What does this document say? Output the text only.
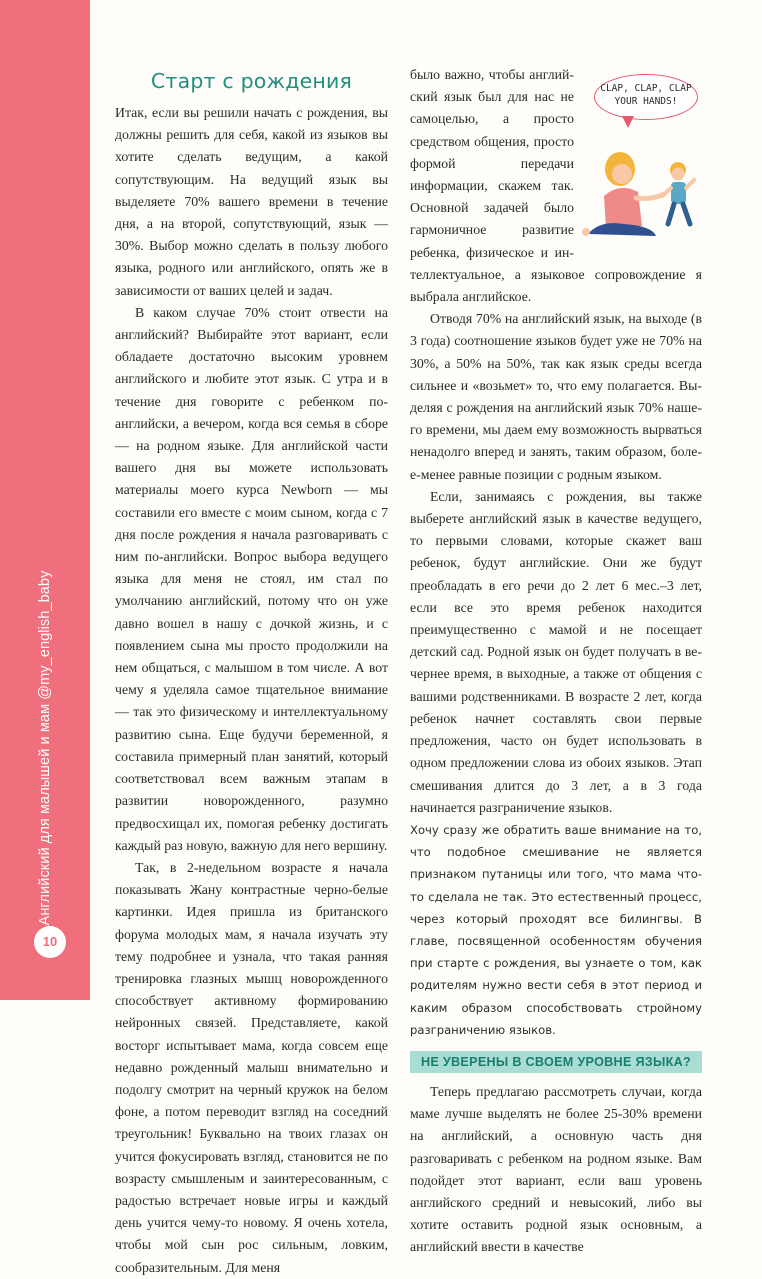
Английский для малышей и мам @my_english_baby
10
Старт с рождения

Итак, если вы решили начать с рождения, вы должны решить для себя, какой из языков вы хотите сделать ведущим, а какой сопутствующим. На ведущий язык вы выделяете 70% вашего времени в течение дня, а на второй, сопутствующий, язык — 30%. Выбор можно сделать в пользу любого языка, родного или английского, опять же в зависимости от ваших целей и задач.

В каком случае 70% стоит отвести на английский? Выбирайте этот вариант, если обладаете достаточно высоким уровнем английского и любите этот язык. С утра и в течение дня говорите с ребенком по-английски, а вечером, когда вся семья в сборе — на родном языке. Для английской части вашего дня вы можете использовать материалы моего курса Newborn — мы составили его вместе с моим сыном, когда с 7 дня после рождения я начала разговаривать с ним по-английски. Вопрос выбора ведущего языка для меня не стоял, им стал по умолчанию английский, потому что он уже давно вошел в нашу с дочкой жизнь, и с появлением сына мы просто продолжили на нем общаться, с малышом в том числе. А вот чему я уделяла самое тщательное внимание — так это физическому и интеллектуальному развитию сына. Еще будучи беременной, я составила примерный план занятий, который соответствовал всем важным этапам в развитии новорожденного, разумно предвосхищал их, помогая ребенку достигать каждый раз новую, важную для него вершину.

Так, в 2-недельном возрасте я начала показывать Жану контрастные черно-белые картинки. Идея пришла из британского форума молодых мам, я начала изучать эту тему подробнее и узнала, что такая ранняя тренировка глазных мышц новорожденного способствует активному формированию нейронных связей. Представляете, какой восторг испытывает мама, когда совсем еще недавно рожденный малыш внимательно и подолгу смотрит на черный кружок на белом фоне, а потом переводит взгляд на соседний треугольник! Буквально на твоих глазах он учится фокусировать взгляд, становится не по возрасту смышленым и заинтересованным, с радостью встречает новые игры и каждый день учится чему-то новому. Я очень хотела, чтобы мой сын рос сильным, ловким, сообразительным. Для меня

CLAP, CLAP, CLAP
YOUR HANDS!

было важно, чтобы английский язык был для нас не самоцелью, а просто средством общения, просто формой передачи информации, скажем так. Основной задачей было гармоничное развитие ребенка, физическое и интеллектуальное, а языковое сопровождение я выбрала английское.

Отводя 70% на английский язык, на выходе (в 3 года) соотношение языков будет уже не 70% на 30%, а 50% на 50%, так как язык среды всегда сильнее и «возьмет» то, что ему полагается. Выделяя с рождения на английский язык 70% нашего времени, мы даем ему возможность вырваться ненадолго вперед и занять, таким образом, более-менее равные позиции с родным языком.

Если, занимаясь с рождения, вы также выберете английский язык в качестве ведущего, то первыми словами, которые скажет ваш ребенок, будут английские. Они же будут преобладать в его речи до 2 лет 6 мес.–3 лет, если все это время ребенок находится преимущественно с мамой и не посещает детский сад. Родной язык он будет получать в вечернее время, в выходные, а также от общения с вашими родственниками. В возрасте 2 лет, когда ребенок начнет составлять свои первые предложения, часто он будет использовать в одном предложении слова из обоих языков. Этап смешивания длится до 3 лет, а в 3 года начинается разграничение языков.

Хочу сразу же обратить ваше внимание на то, что подобное смешивание не является признаком путаницы или того, что мама что-то сделала не так. Это естественный процесс, через который проходят все билингвы. В главе, посвященной особенностям обучения при старте с рождения, вы узнаете о том, как родителям нужно вести себя в этот период и каким образом способствовать стройному разграничению языков.

НЕ УВЕРЕНЫ В СВОЕМ УРОВНЕ ЯЗЫКА?

Теперь предлагаю рассмотреть случаи, когда маме лучше выделять не более 25-30% времени на английский, а основную часть дня разговаривать с ребенком на родном языке. Вам подойдет этот вариант, если ваш уровень английского средний и невысокий, либо вы хотите оставить родной язык основным, а английский ввести в качестве
